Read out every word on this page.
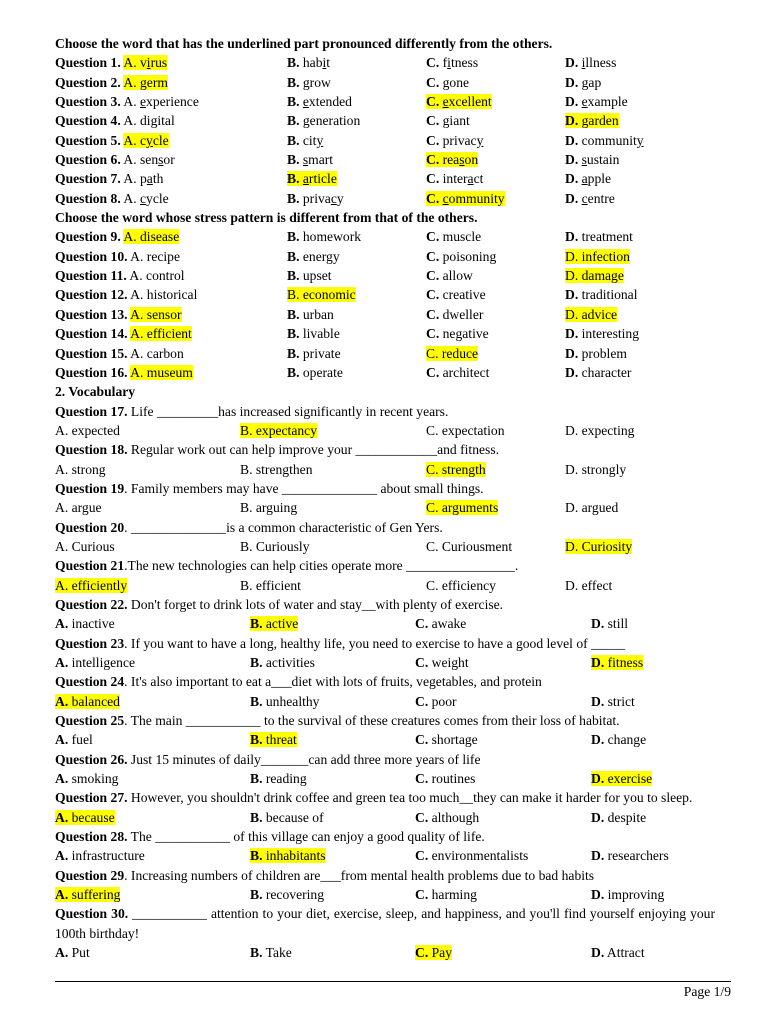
Choose the word that has the underlined part pronounced differently from the others.
Question 1. A. virus	B. habit	C. fitness	D. illness
Question 2. A. germ	B. grow	C. gone	D. gap
Question 3. A. experience	B. extended	C. excellent	D. example
Question 4. A. digital	B. generation	C. giant	D. garden
Question 5. A. cycle	B. city	C. privacy	D. community
Question 6. A. sensor	B. smart	C. reason	D. sustain
Question 7. A. path	B. article	C. interact	D. apple
Question 8. A. cycle	B. privacy	C. community	D. centre
Choose the word whose stress pattern is different from that of the others.
Question 9. A. disease	B. homework	C. muscle	D. treatment
Question 10. A. recipe	B. energy	C. poisoning	D. infection
Question 11. A. control	B. upset	C. allow	D. damage
Question 12. A. historical	B. economic	C. creative	D. traditional
Question 13. A. sensor	B. urban	C. dweller	D. advice
Question 14. A. efficient	B. livable	C. negative	D. interesting
Question 15. A. carbon	B. private	C. reduce	D. problem
Question 16. A. museum	B. operate	C. architect	D. character
2. Vocabulary
Question 17. Life _________has increased significantly in recent years.
A. expected	B. expectancy	C. expectation	D. expecting
Question 18. Regular work out can help improve your ____________and fitness.
A. strong	B. strengthen	C. strength	D. strongly
Question 19. Family members may have ______________ about small things.
A. argue	B. arguing	C. arguments	D. argued
Question 20. ______________is a common characteristic of Gen Yers.
A. Curious	B. Curiously	C. Curiousment	D. Curiosity
Question 21.The new technologies can help cities operate more ________________.
A. efficiently	B. efficient	C. efficiency	D. effect
Question 22. Don't forget to drink lots of water and stay__with plenty of exercise.
A. inactive	B. active	C. awake	D. still
Question 23. If you want to have a long, healthy life, you need to exercise to have a good level of _____
A. intelligence	B. activities	C. weight	D. fitness
Question 24. It's also important to eat a___diet with lots of fruits, vegetables, and protein
A. balanced	B. unhealthy	C. poor	D. strict
Question 25. The main ___________ to the survival of these creatures comes from their loss of habitat.
A. fuel	B. threat	C. shortage	D. change
Question 26. Just 15 minutes of daily_______can add three more years of life
A. smoking	B. reading	C. routines	D. exercise
Question 27. However, you shouldn't drink coffee and green tea too much__they can make it harder for you to sleep.
A. because	B. because of	C. although	D. despite
Question 28. The ___________ of this village can enjoy a good quality of life.
A. infrastructure	B. inhabitants	C. environmentalists	D. researchers
Question 29. Increasing numbers of children are___from mental health problems due to bad habits
A. suffering	B. recovering	C. harming	D. improving
Question 30. ___________ attention to your diet, exercise, sleep, and happiness, and you'll find yourself enjoying your 100th birthday!
A. Put	B. Take	C. Pay	D. Attract
Page 1/9
